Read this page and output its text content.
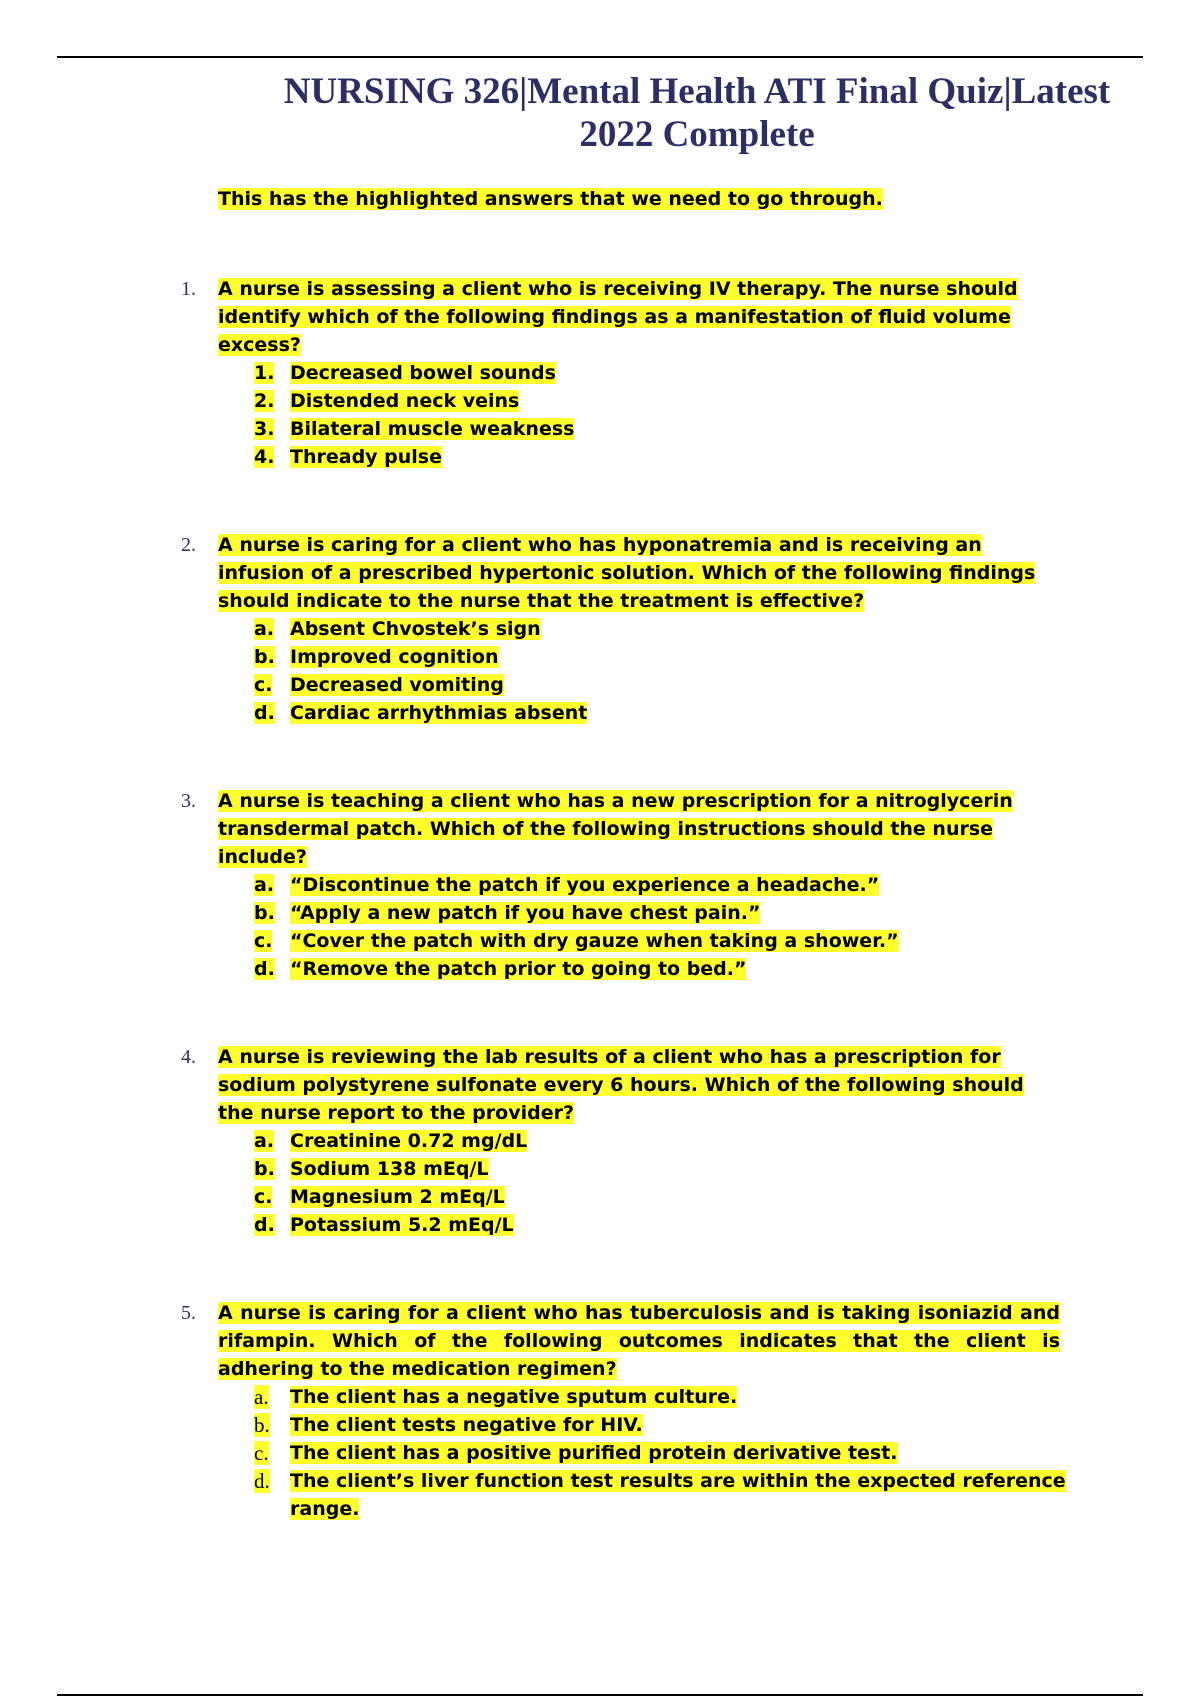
NURSING 326|Mental Health ATI Final Quiz|Latest
2022 Complete
This has the highlighted answers that we need to go through.
1. A nurse is assessing a client who is receiving IV therapy. The nurse should identify which of the following findings as a manifestation of fluid volume excess?
1. Decreased bowel sounds
2. Distended neck veins
3. Bilateral muscle weakness
4. Thready pulse
2. A nurse is caring for a client who has hyponatremia and is receiving an infusion of a prescribed hypertonic solution. Which of the following findings should indicate to the nurse that the treatment is effective?
a. Absent Chvostek’s sign
b. Improved cognition
c. Decreased vomiting
d. Cardiac arrhythmias absent
3. A nurse is teaching a client who has a new prescription for a nitroglycerin transdermal patch. Which of the following instructions should the nurse include?
a. “Discontinue the patch if you experience a headache.”
b. “Apply a new patch if you have chest pain.”
c. “Cover the patch with dry gauze when taking a shower.”
d. “Remove the patch prior to going to bed.”
4. A nurse is reviewing the lab results of a client who has a prescription for sodium polystyrene sulfonate every 6 hours. Which of the following should the nurse report to the provider?
a. Creatinine 0.72 mg/dL
b. Sodium 138 mEq/L
c. Magnesium 2 mEq/L
d. Potassium 5.2 mEq/L
5. A nurse is caring for a client who has tuberculosis and is taking isoniazid and rifampin. Which of the following outcomes indicates that the client is adhering to the medication regimen?
a.	The client has a negative sputum culture.
b.	The client tests negative for HIV.
c.	The client has a positive purified protein derivative test.
d.	The client’s liver function test results are within the expected reference range.
